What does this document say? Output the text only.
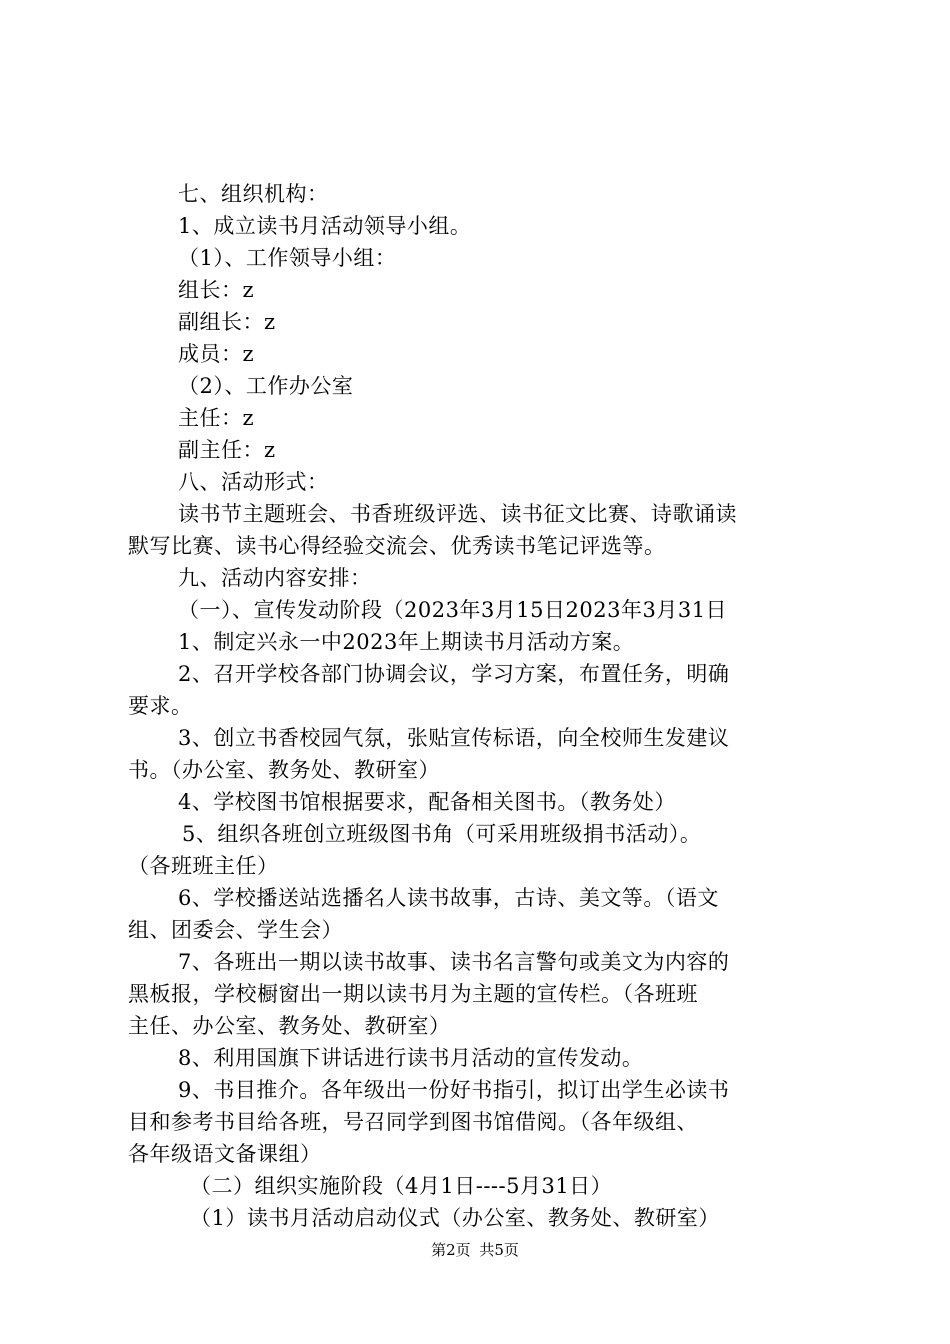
七、组织机构：
1、成立读书月活动领导小组。
（1）、工作领导小组：
组长：z
副组长：z
成员：z
（2）、工作办公室
主任：z
副主任：z
八、活动形式：
读书节主题班会、书香班级评选、读书征文比赛、诗歌诵读
默写比赛、读书心得经验交流会、优秀读书笔记评选等。
九、活动内容安排：
（一）、宣传发动阶段（2023年3月15日2023年3月31日
1、制定兴永一中2023年上期读书月活动方案。
2、召开学校各部门协调会议，学习方案，布置任务，明确
要求。
3、创立书香校园气氛，张贴宣传标语，向全校师生发建议
书。（办公室、教务处、教研室）
4、学校图书馆根据要求，配备相关图书。（教务处）
5、组织各班创立班级图书角（可采用班级捐书活动）。
（各班班主任）
6、学校播送站选播名人读书故事，古诗、美文等。（语文
组、团委会、学生会）
7、各班出一期以读书故事、读书名言警句或美文为内容的
黑板报，学校橱窗出一期以读书月为主题的宣传栏。（各班班
主任、办公室、教务处、教研室）
8、利用国旗下讲话进行读书月活动的宣传发动。
9、书目推介。各年级出一份好书指引，拟订出学生必读书
目和参考书目给各班，号召同学到图书馆借阅。（各年级组、
各年级语文备课组）
（二）组织实施阶段（4月1日----5月31日）
（1）读书月活动启动仪式（办公室、教务处、教研室）
第2页 共5页
